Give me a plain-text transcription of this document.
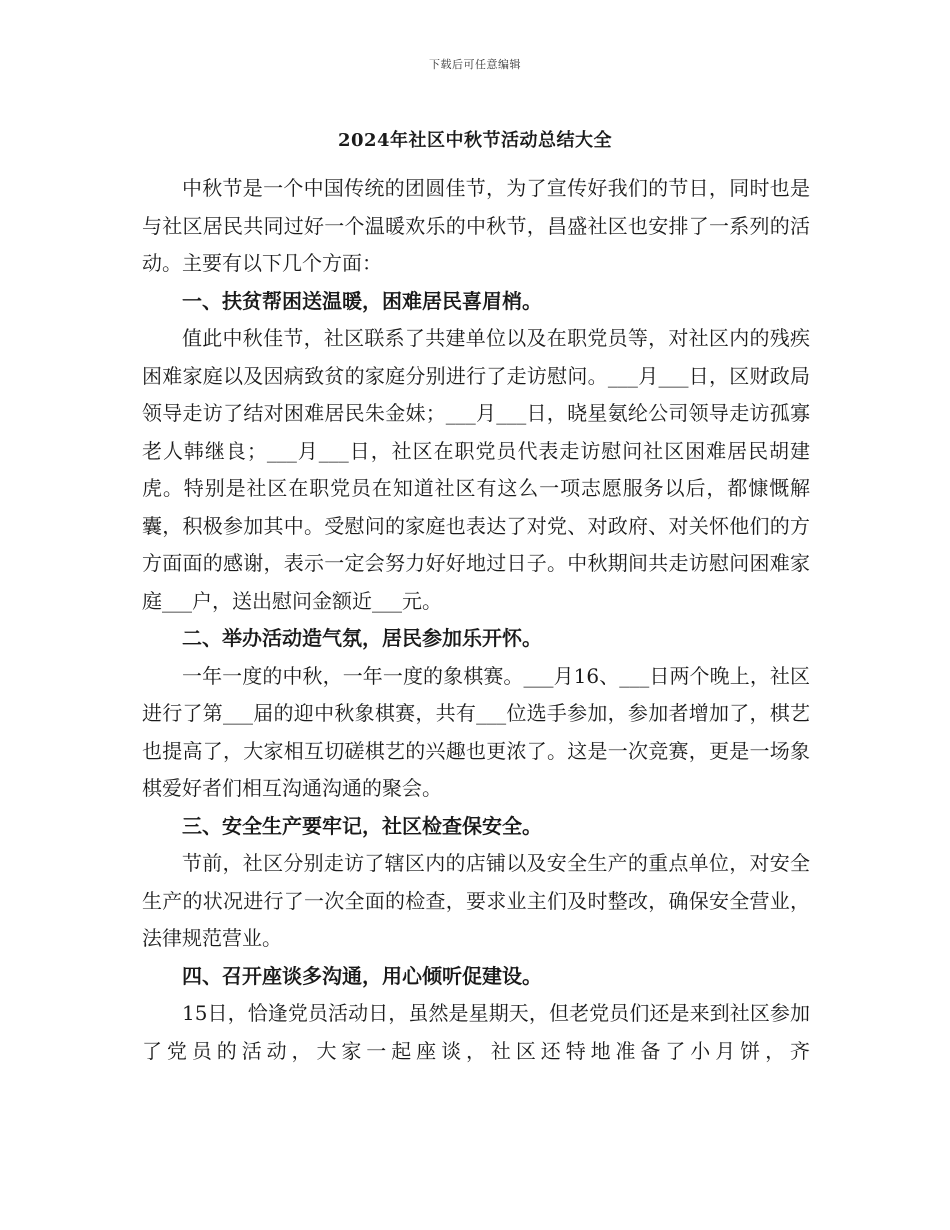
下载后可任意编辑
2024年社区中秋节活动总结大全

中秋节是一个中国传统的团圆佳节，为了宣传好我们的节日，同时也是与社区居民共同过好一个温暖欢乐的中秋节，昌盛社区也安排了一系列的活动。主要有以下几个方面：

一、扶贫帮困送温暖，困难居民喜眉梢。

值此中秋佳节，社区联系了共建单位以及在职党员等，对社区内的残疾困难家庭以及因病致贫的家庭分别进行了走访慰问。___月___日，区财政局领导走访了结对困难居民朱金妹；___月___日，晓星氨纶公司领导走访孤寡老人韩继良；___月___日，社区在职党员代表走访慰问社区困难居民胡建虎。特别是社区在职党员在知道社区有这么一项志愿服务以后，都慷慨解囊，积极参加其中。受慰问的家庭也表达了对党、对政府、对关怀他们的方方面面的感谢，表示一定会努力好好地过日子。中秋期间共走访慰问困难家庭___户，送出慰问金额近___元。

二、举办活动造气氛，居民参加乐开怀。

一年一度的中秋，一年一度的象棋赛。___月16、___日两个晚上，社区进行了第___届的迎中秋象棋赛，共有___位选手参加，参加者增加了，棋艺也提高了，大家相互切磋棋艺的兴趣也更浓了。这是一次竞赛，更是一场象棋爱好者们相互沟通沟通的聚会。

三、安全生产要牢记，社区检查保安全。

节前，社区分别走访了辖区内的店铺以及安全生产的重点单位，对安全生产的状况进行了一次全面的检查，要求业主们及时整改，确保安全营业，法律规范营业。

四、召开座谈多沟通，用心倾听促建设。

15日，恰逢党员活动日，虽然是星期天，但老党员们还是来到社区参加了党员的活动，大家一起座谈，社区还特地准备了小月饼，齐
